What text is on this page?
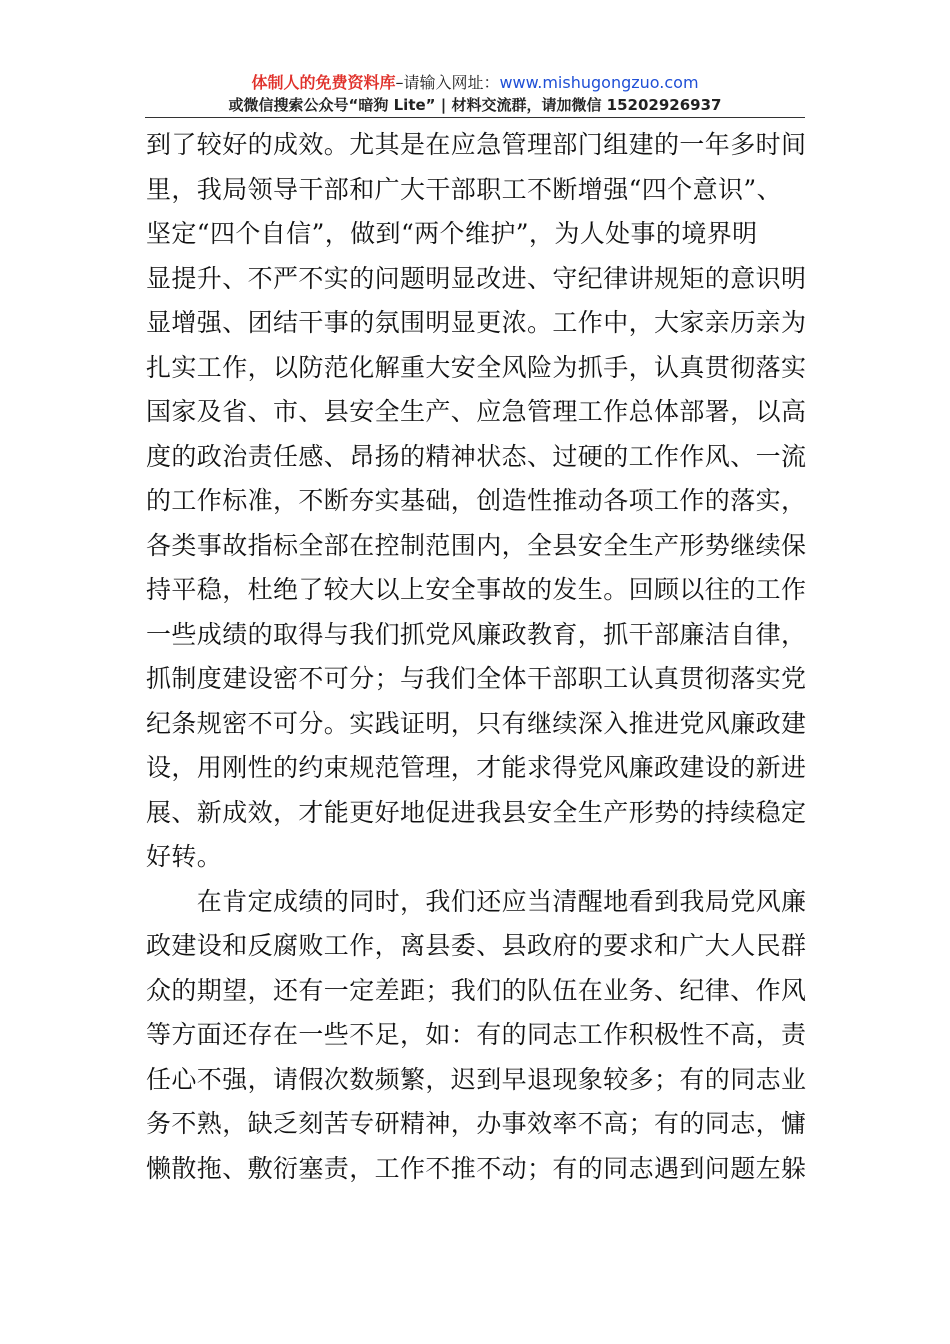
体制人的免费资料库–请输入网址：www.mishugongzuo.com
或微信搜索公众号“暗狗 Lite” | 材料交流群，请加微信 15202926937
到了较好的成效。尤其是在应急管理部门组建的一年多时间
里，我局领导干部和广大干部职工不断增强“四个意识”、
坚定“四个自信”，做到“两个维护”，为人处事的境界明
显提升、不严不实的问题明显改进、守纪律讲规矩的意识明
显增强、团结干事的氛围明显更浓。工作中，大家亲历亲为
扎实工作，以防范化解重大安全风险为抓手，认真贯彻落实
国家及省、市、县安全生产、应急管理工作总体部署，以高
度的政治责任感、昂扬的精神状态、过硬的工作作风、一流
的工作标准，不断夯实基础，创造性推动各项工作的落实，
各类事故指标全部在控制范围内，全县安全生产形势继续保
持平稳，杜绝了较大以上安全事故的发生。回顾以往的工作
一些成绩的取得与我们抓党风廉政教育，抓干部廉洁自律，
抓制度建设密不可分；与我们全体干部职工认真贯彻落实党
纪条规密不可分。实践证明，只有继续深入推进党风廉政建
设，用刚性的约束规范管理，才能求得党风廉政建设的新进
展、新成效，才能更好地促进我县安全生产形势的持续稳定
好转。
　　在肯定成绩的同时，我们还应当清醒地看到我局党风廉
政建设和反腐败工作，离县委、县政府的要求和广大人民群
众的期望，还有一定差距；我们的队伍在业务、纪律、作风
等方面还存在一些不足，如：有的同志工作积极性不高，责
任心不强，请假次数频繁，迟到早退现象较多；有的同志业
务不熟，缺乏刻苦专研精神，办事效率不高；有的同志，慵
懒散拖、敷衍塞责，工作不推不动；有的同志遇到问题左躲
